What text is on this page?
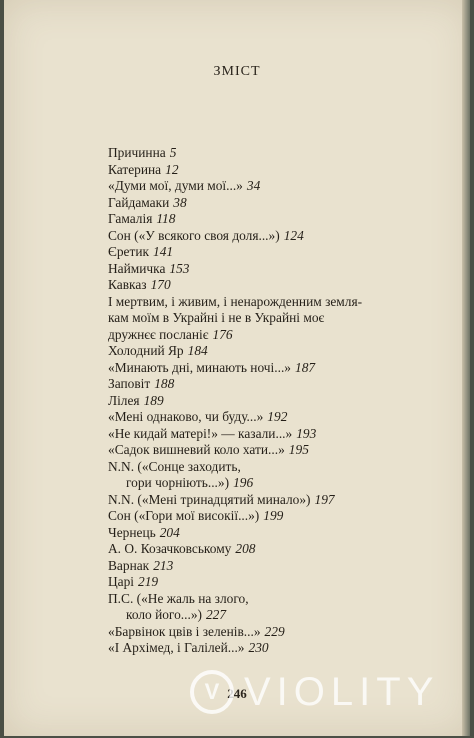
ЗМІСТ
Причинна 5
Катерина 12
«Думи мої, думи мої...» 34
Гайдамаки 38
Гамалія 118
Сон («У всякого своя доля...») 124
Єретик 141
Наймичка 153
Кавказ 170
І мертвим, і живим, і ненарожденним земля-
кам моїм в Украйні і не в Украйні моє
дружнєє посланіє 176
Холодний Яр 184
«Минають дні, минають ночі...» 187
Заповіт 188
Лілея 189
«Мені однаково, чи буду...» 192
«Не кидай матері!» — казали...» 193
«Садок вишневий коло хати...» 195
N.N. («Сонце заходить,
гори чорніють...») 196
N.N. («Мені тринадцятий минало») 197
Сон («Гори мої високії...») 199
Чернець 204
А. О. Козачковському 208
Варнак 213
Царі 219
П.С. («Не жаль на злого,
коло його...») 227
«Барвінок цвів і зеленів...» 229
«І Архімед, і Галілей...» 230
246
V VIOLITY
